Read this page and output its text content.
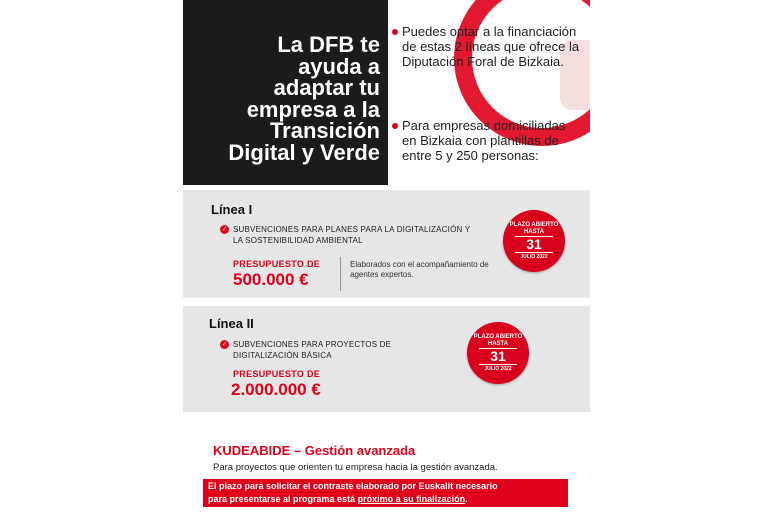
La DFB te
ayuda a
adaptar tu
empresa a la
Transición
Digital y Verde
Puedes optar a la financiación de estas 2 líneas que ofrece la Diputación Foral de Bizkaia.
Para empresas domiciliadas en Bizkaia con plantillas de entre 5 y 250 personas:
Línea I
✓ SUBVENCIONES PARA PLANES PARA LA DIGITALIZACIÓN Y LA SOSTENIBILIDAD AMBIENTAL
PRESUPUESTO DE
500.000 €
Elaborados con el acompañamiento de agentes expertos.
PLAZO ABIERTO HASTA
31
JULIO 2022
Línea II
✓ SUBVENCIONES PARA PROYECTOS DE DIGITALIZACIÓN BÁSICA
PRESUPUESTO DE
2.000.000 €
PLAZO ABIERTO HASTA
31
JULIO 2022
KUDEABIDE – Gestión avanzada
Para proyectos que orienten tu empresa hacia la gestión avanzada.
El plazo para solicitar el contraste elaborado por Euskalit necesario
para presentarse al programa está próximo a su finalización.
